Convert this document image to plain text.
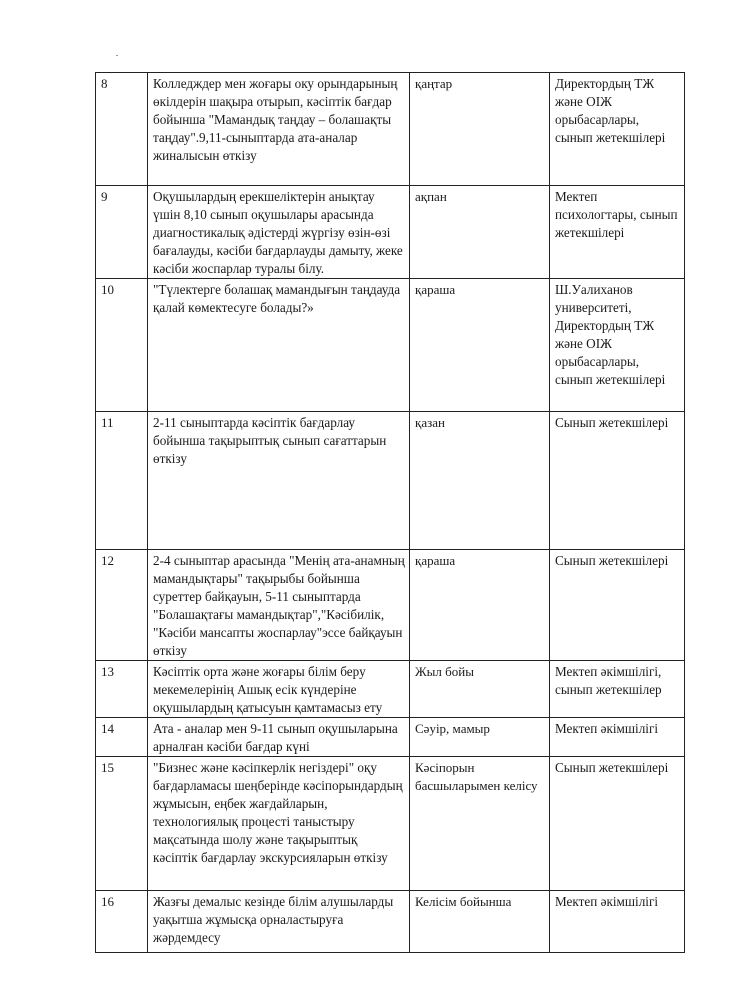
8	Колледждер мен жоғары оку орындарының өкілдерін шақыра отырып, кәсіптік бағдар бойынша "Мамандық таңдау – болашақты таңдау".9,11-сыныптарда ата-аналар жиналысын өткізу	қаңтар	Директордың ТЖ және ОIЖ орыбасарлары, сынып жетекшілері
9	Оқушылардың ерекшеліктерін анықтау үшін 8,10 сынып оқушылары арасында диагностикалық әдістерді жүргізу өзін-өзі бағалауды, кәсіби бағдарлауды дамыту, жеке кәсіби жоспарлар туралы білу.	ақпан	Мектеп психологтары, сынып жетекшілері
10	"Түлектерге болашақ мамандығын таңдауда қалай көмектесуге болады?»	қараша	Ш.Уалиханов университеті, Директордың ТЖ және ОIЖ орыбасарлары, сынып жетекшілері
11	2-11 сыныптарда кәсіптік бағдарлау бойынша тақырыптық сынып сағаттарын өткізу	қазан	Сынып жетекшілері
12	2-4 сыныптар арасында "Менің ата-анамның мамандықтары" тақырыбы бойынша суреттер байқауын, 5-11 сыныптарда "Болашақтағы мамандықтар","Кәсібилік, "Кәсіби мансапты жоспарлау"эссе байқауын өткізу	қараша	Сынып жетекшілері
13	Кәсіптік орта және жоғары білім беру мекемелерінің Ашық есік күндеріне оқушылардың қатысуын қамтамасыз ету	Жыл бойы	Мектеп әкімшілігі, сынып жетекшілер
14	Ата - аналар мен 9-11 сынып оқушыларына арналған кәсіби бағдар күні	Сәуір, мамыр	Мектеп әкімшілігі
15	"Бизнес және кәсіпкерлік негіздері" оқу бағдарламасы шеңберінде кәсіпорындардың жұмысын, еңбек жағдайларын, технологиялық процесті таныстыру мақсатында шолу және тақырыптық кәсіптік бағдарлау экскурсияларын өткізу	Кәсіпорын басшыларымен келісу	Сынып жетекшілері
16	Жазғы демалыс кезінде білім алушыларды уақытша жұмысқа орналастыруға жәрдемдесу	Келісім бойынша	Мектеп әкімшілігі
